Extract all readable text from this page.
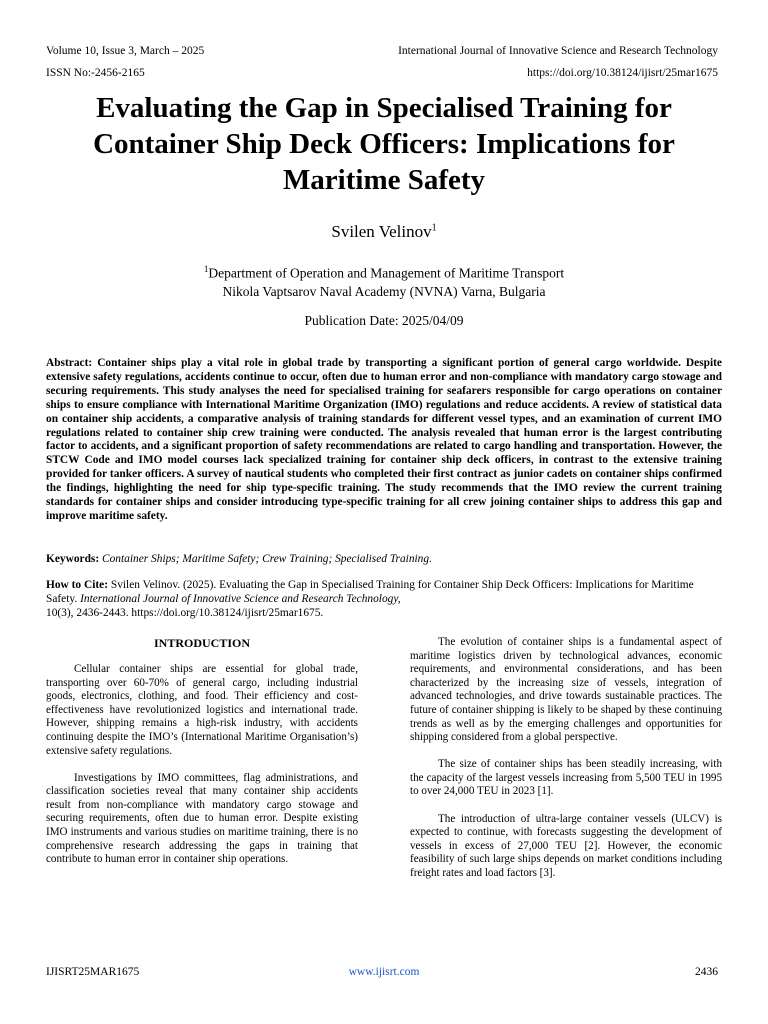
Volume 10, Issue 3, March – 2025	International Journal of Innovative Science and Research Technology
ISSN No:-2456-2165	https://doi.org/10.38124/ijisrt/25mar1675
Evaluating the Gap in Specialised Training for
Container Ship Deck Officers: Implications for
Maritime Safety
Svilen Velinov$^1$
$^1$Department of Operation and Management of Maritime Transport
Nikola Vaptsarov Naval Academy (NVNA) Varna, Bulgaria
Publication Date: 2025/04/09
Abstract: Container ships play a vital role in global trade by transporting a significant portion of general cargo worldwide. Despite extensive safety regulations, accidents continue to occur, often due to human error and non-compliance with mandatory cargo stowage and securing requirements. This study analyses the need for specialised training for seafarers responsible for cargo operations on container ships to ensure compliance with International Maritime Organization (IMO) regulations and reduce accidents. A review of statistical data on container ship accidents, a comparative analysis of training standards for different vessel types, and an examination of current IMO regulations related to container ship crew training were conducted. The analysis revealed that human error is the largest contributing factor to accidents, and a significant proportion of safety recommendations are related to cargo handling and transportation. However, the STCW Code and IMO model courses lack specialized training for container ship deck officers, in contrast to the extensive training provided for tanker officers. A survey of nautical students who completed their first contract as junior cadets on container ships confirmed the findings, highlighting the need for ship type-specific training. The study recommends that the IMO review the current training standards for container ships and consider introducing type-specific training for all crew joining container ships to address this gap and improve maritime safety.
Keywords: Container Ships; Maritime Safety; Crew Training; Specialised Training.
How to Cite: Svilen Velinov. (2025). Evaluating the Gap in Specialised Training for Container Ship Deck Officers: Implications for Maritime Safety. International Journal of Innovative Science and Research Technology,
10(3), 2436-2443. https://doi.org/10.38124/ijisrt/25mar1675.
INTRODUCTION

Cellular container ships are essential for global trade, transporting over 60-70% of general cargo, including industrial goods, electronics, clothing, and food. Their efficiency and cost-effectiveness have revolutionized logistics and international trade. However, shipping remains a high-risk industry, with accidents continuing despite the IMO’s (International Maritime Organisation’s) extensive safety regulations.

Investigations by IMO committees, flag administrations, and classification societies reveal that many container ship accidents result from non-compliance with mandatory cargo stowage and securing requirements, often due to human error. Despite existing IMO instruments and various studies on maritime training, there is no comprehensive research addressing the gaps in training that contribute to human error in container ship operations.

The evolution of container ships is a fundamental aspect of maritime logistics driven by technological advances, economic requirements, and environmental considerations, and has been characterized by the increasing size of vessels, integration of advanced technologies, and drive towards sustainable practices. The future of container shipping is likely to be shaped by these continuing trends as well as by the emerging challenges and opportunities for shipping considered from a global perspective.

The size of container ships has been steadily increasing, with the capacity of the largest vessels increasing from 5,500 TEU in 1995 to over 24,000 TEU in 2023 [1].

The introduction of ultra-large container vessels (ULCV) is expected to continue, with forecasts suggesting the development of vessels in excess of 27,000 TEU [2]. However, the economic feasibility of such large ships depends on market conditions including freight rates and load factors [3].

IJISRT25MAR1675	www.ijisrt.com	2436
